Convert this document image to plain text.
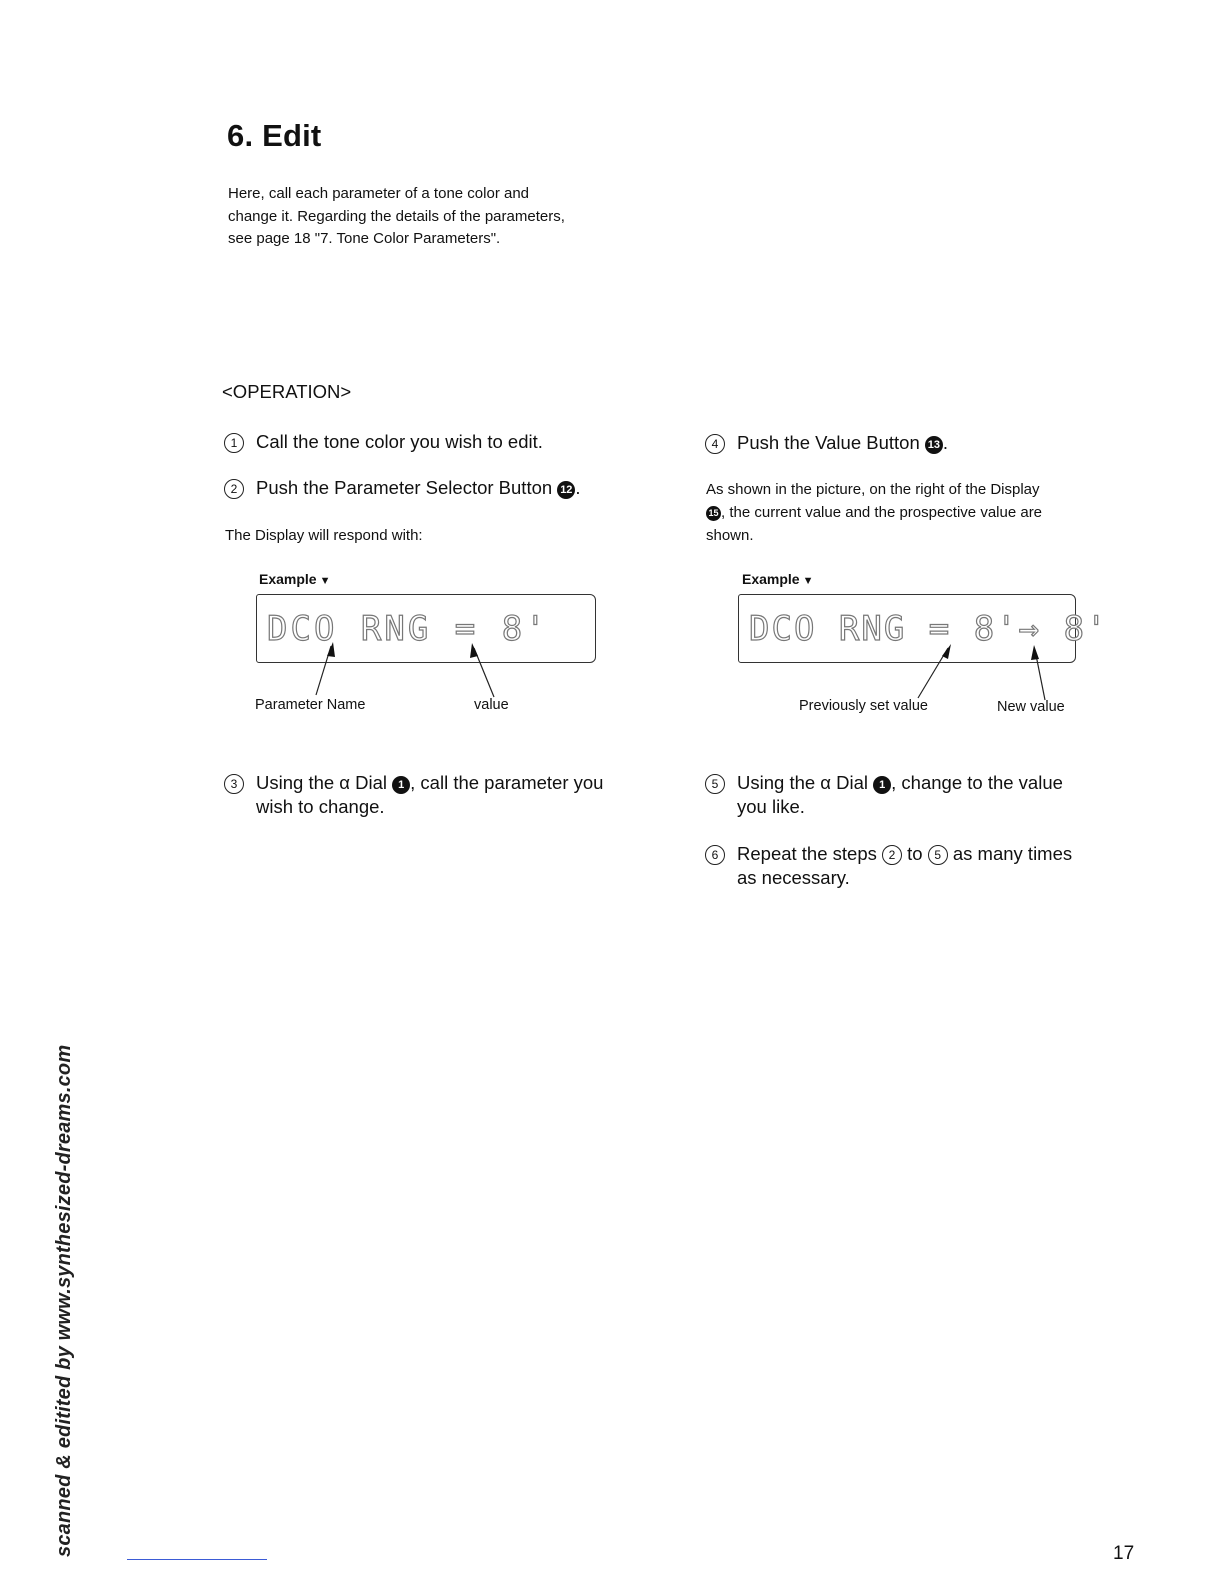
6. Edit

Here, call each parameter of a tone color and

change it. Regarding the details of the parameters,

see page 18 "7. Tone Color Parameters".

<OPERATION>
1	Call the tone color you wish to edit.
2	Push the Parameter Selector Button 12 .
The Display will respond with:
Example ▼
DCO RNG = 8'
Parameter Name	value
3	Using the α Dial 1 , call the parameter you
wish to change.
4	Push the Value Button 13 .
As shown in the picture, on the right of the Display
15 , the current value and the prospective value are
shown.
Example ▼
DCO RNG = 8'→ 8'
Previously set value	New value
5	Using the α Dial 1 , change to the value
you like.
6	Repeat the steps 2 to 5 as many times
as necessary.
scanned & editited by www.synthesized-dreams.com	17
